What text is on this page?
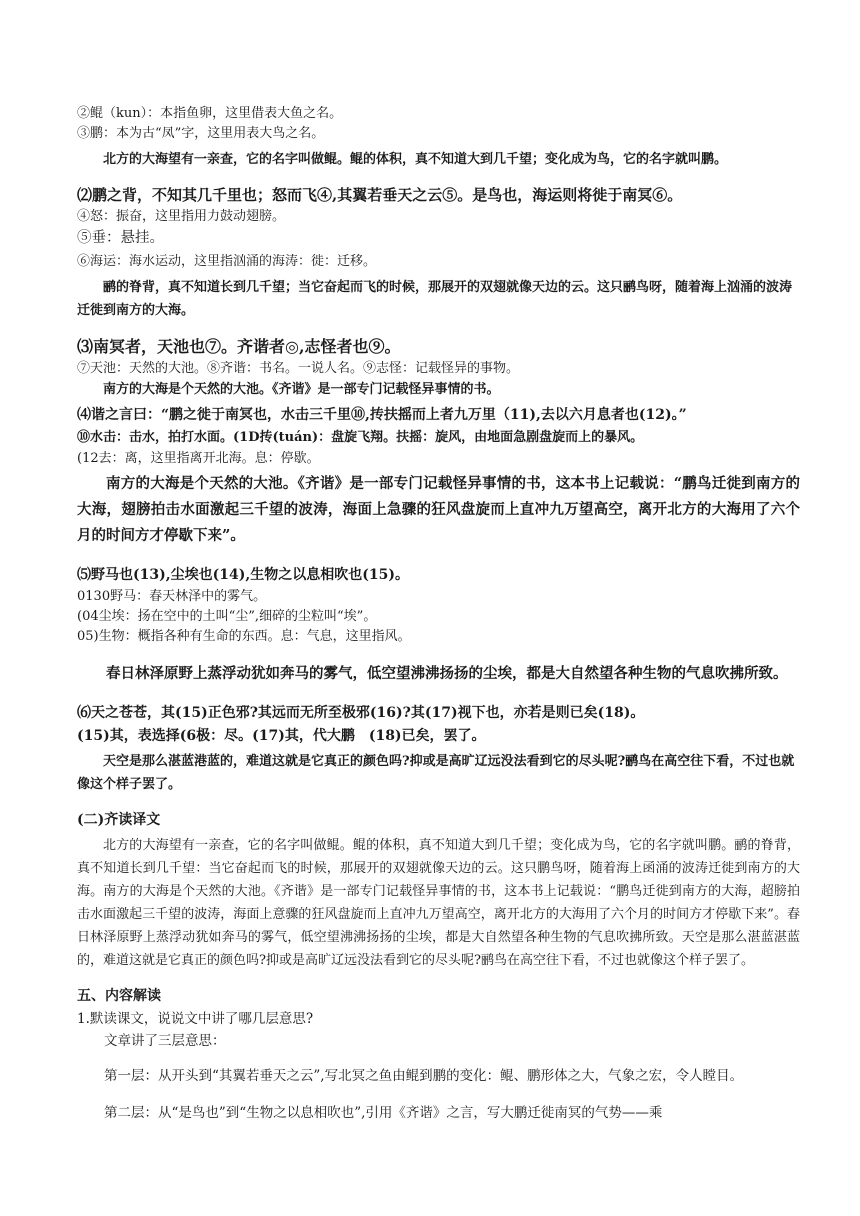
②鲲（kun）：本指鱼卵，这里借表大鱼之名。

③鹏：本为古“凤”字，这里用表大鸟之名。

北方的大海望有一亲查，它的名字叫做鲲。鲲的体积，真不知道大到几千望；变化成为鸟，它的名字就叫鹏。

⑵鹏之背，不知其几千里也；怒而飞④,其翼若垂天之云⑤。是鸟也，海运则将徙于南冥⑥。

④怒：振奋，这里指用力鼓动翅膀。

⑤垂：悬挂。

⑥海运：海水运动，这里指汹涌的海涛：徙：迁移。

鹂的脊背，真不知道长到几千望；当它奋起而飞的时候，那展开的双翅就像天边的云。这只鹂鸟呀，随着海上汹涌的波涛迁徙到南方的大海。

⑶南冥者，天池也⑦。齐谐者◎,志怪者也⑨。

⑦天池：天然的大池。⑧齐谐：书名。一说人名。⑨志怪：记载怪异的事物。

南方的大海是个天然的大池。《齐谐》是一部专门记载怪异事情的书。

⑷谐之言曰：“鹏之徙于南冥也，水击三千里⑩,抟扶摇而上者九万里（11),去以六月息者也(12)。”

⑩水击：击水，拍打水面。(1D抟(tuán)：盘旋飞翔。扶摇：旋风，由地面急剧盘旋而上的暴风。

(12去：离，这里指离开北海。息：停歇。

南方的大海是个天然的大池。《齐谐》是一部专门记载怪异事情的书，这本书上记载说：“鹏鸟迁徙到南方的大海，翅膀拍击水面激起三千望的波涛，海面上急骤的狂风盘旋而上直冲九万望高空，离开北方的大海用了六个月的时间方才停歇下来”。

⑸野马也(13),尘埃也(14),生物之以息相吹也(15)。

0130野马：春天林泽中的雾气。

(04尘埃：扬在空中的土叫“尘”,细碎的尘粒叫“埃”。

05)生物：概指各种有生命的东西。息：气息，这里指风。

春日林泽原野上蒸浮动犹如奔马的雾气，低空望沸沸扬扬的尘埃，都是大自然望各种生物的气息吹拂所致。

⑹天之苍苍，其(15)正色邪?其远而无所至极邪(16)?其(17)视下也，亦若是则已矣(18)。

(15)其，表选择(6极：尽。(17)其，代大鹏　(18)已矣，罢了。

天空是那么湛蓝港蓝的，难道这就是它真正的颜色吗?抑或是高旷辽远没法看到它的尽头呢?鹂鸟在高空往下看，不过也就像这个样子罢了。

(二)齐读译文

北方的大海望有一亲查，它的名字叫做鲲。鲲的体积，真不知道大到几千望；变化成为鸟，它的名字就叫鹏。鹂的脊背，真不知道长到几千望：当它奋起而飞的时候，那展开的双翅就像天边的云。这只鹏鸟呀，随着海上函涌的波涛迁徙到南方的大海。南方的大海是个天然的大池。《齐谐》是一部专门记载怪异事情的书，这本书上记载说：“鹏鸟迁徙到南方的大海，超膀拍击水面激起三千望的波涛，海面上意骤的狂风盘旋而上直冲九万望高空，离开北方的大海用了六个月的时间方才停歇下来”。春日林泽原野上蒸浮动犹如奔马的雾气，低空望沸沸扬扬的尘埃，都是大自然望各种生物的气息吹拂所致。天空是那么湛蓝湛蓝的，难道这就是它真正的颜色吗?抑或是高旷辽远没法看到它的尽头呢?鹂鸟在高空往下看，不过也就像这个样子罢了。

五、内容解读

1.默读课文，说说文中讲了哪几层意思?

文章讲了三层意思：

第一层：从开头到“其翼若垂天之云”,写北冥之鱼由鲲到鹏的变化：鲲、鹏形体之大，气象之宏，令人瞠目。

第二层：从“是鸟也”到“生物之以息相吹也”,引用《齐谐》之言，写大鹏迁徙南冥的气势——乘
